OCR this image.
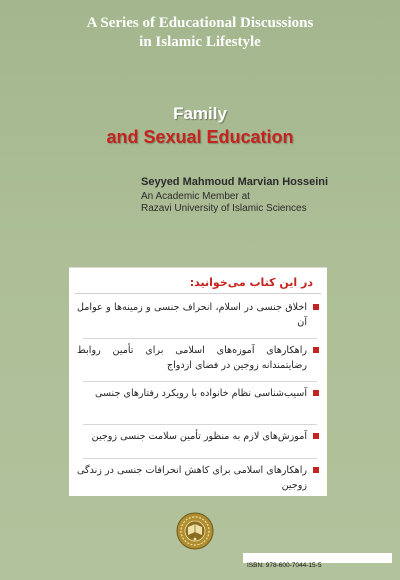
A Series of Educational Discussions
in Islamic Lifestyle
Family
and Sexual Education
Seyyed Mahmoud Marvian Hosseini
An Academic Member at
Razavi University of Islamic Sciences
در این کتاب می‌خوانید:
اخلاق جنسی در اسلام، انحراف جنسی و زمینه‌ها و عوامل آن
راهکارهای آموزه‌های اسلامی برای تأمین روابط رضایتمندانه زوجین در فضای ازدواج
آسیب‌شناسی نظام خانواده با رویکرد رفتارهای جنسی
آموزش‌های لازم به منظور تأمین سلامت جنسی زوجین
راهکارهای اسلامی برای کاهش انحرافات جنسی در زندگی زوجین
ISBN: 978-600-7044-15-5
